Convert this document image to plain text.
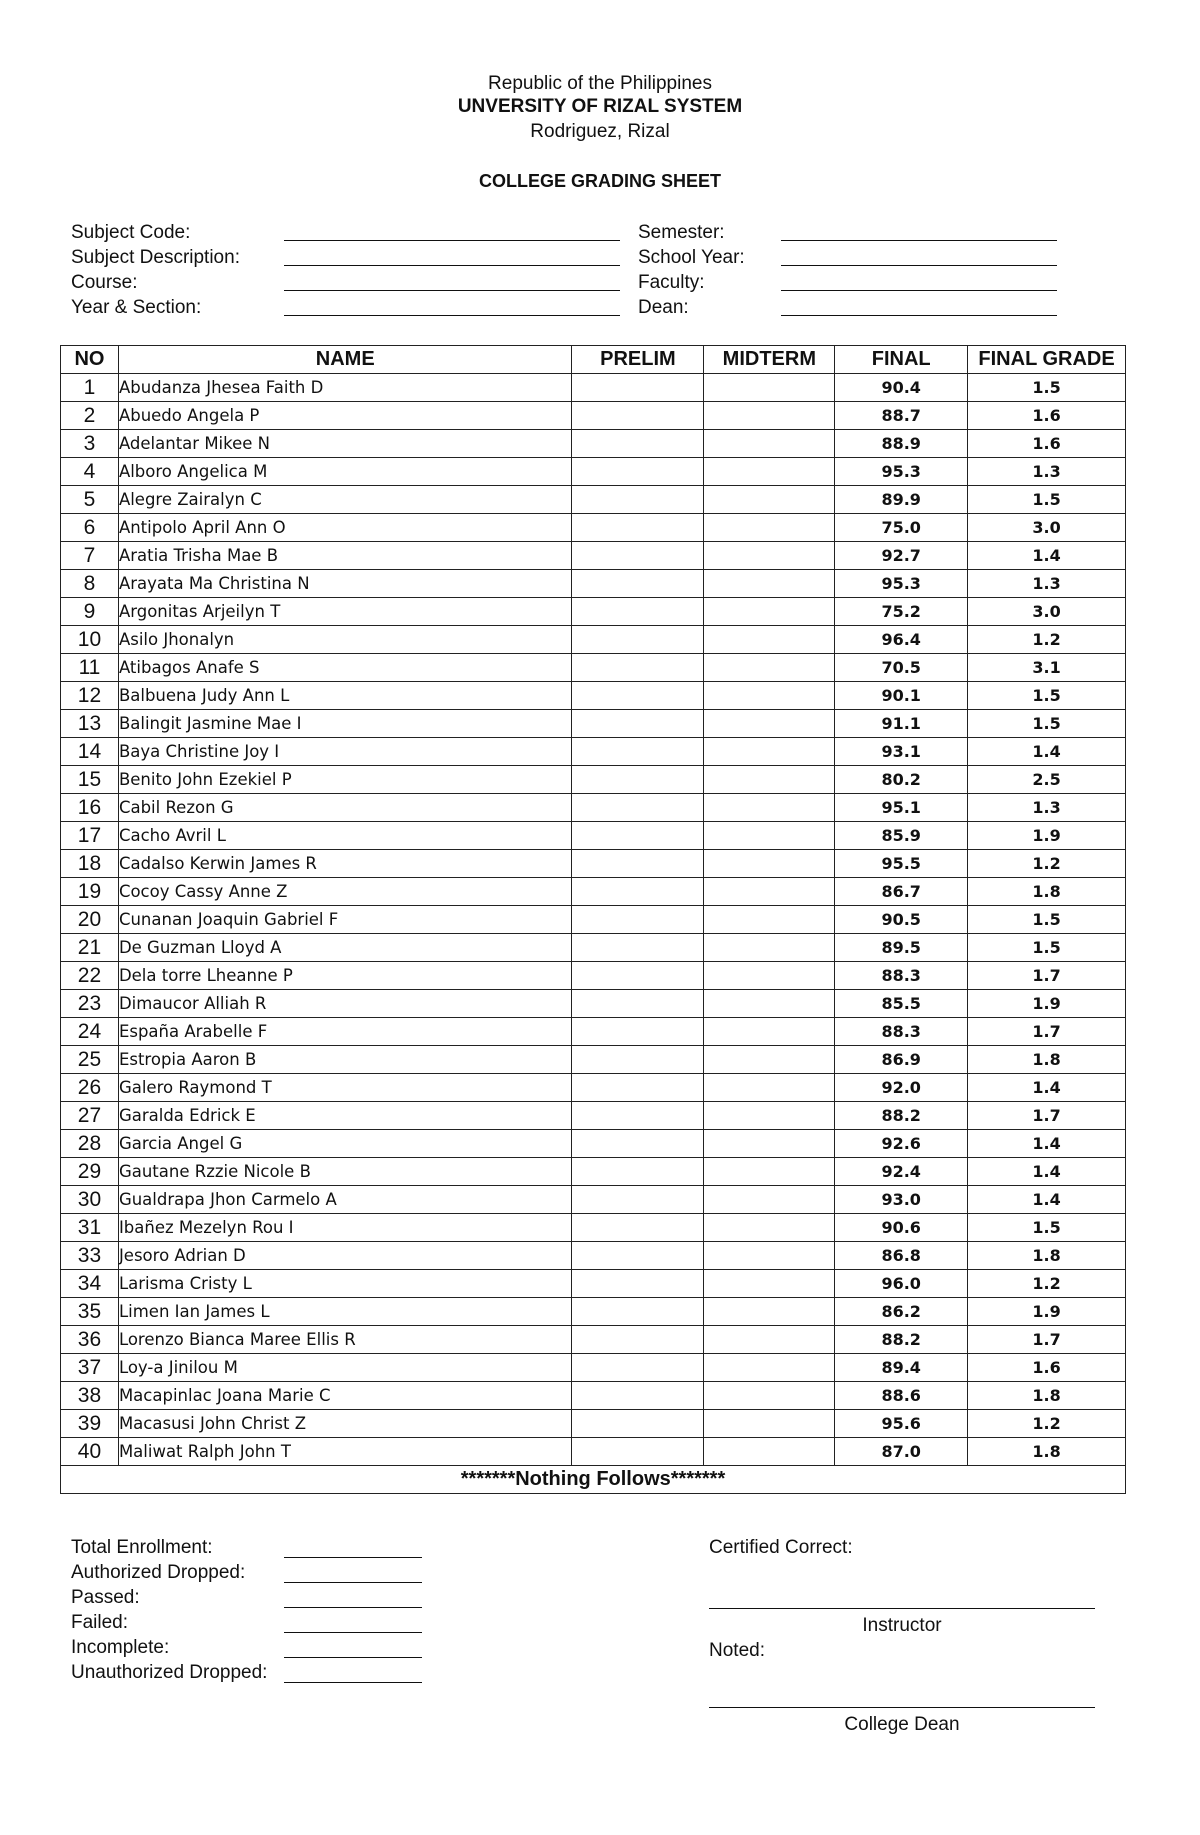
Republic of the Philippines
UNVERSITY OF RIZAL SYSTEM
Rodriguez, Rizal
COLLEGE GRADING SHEET
Subject Code:
Subject Description:
Course:
Year & Section:
Semester:
School Year:
Faculty:
Dean:
NO	NAME	PRELIM	MIDTERM	FINAL	FINAL GRADE
1	Abudanza Jhesea Faith D			90.4	1.5
2	Abuedo Angela P			88.7	1.6
3	Adelantar Mikee N			88.9	1.6
4	Alboro Angelica M			95.3	1.3
5	Alegre Zairalyn C			89.9	1.5
6	Antipolo April Ann O			75.0	3.0
7	Aratia Trisha Mae B			92.7	1.4
8	Arayata Ma Christina N			95.3	1.3
9	Argonitas Arjeilyn T			75.2	3.0
10	Asilo Jhonalyn			96.4	1.2
11	Atibagos Anafe S			70.5	3.1
12	Balbuena Judy Ann L			90.1	1.5
13	Balingit Jasmine Mae I			91.1	1.5
14	Baya Christine Joy I			93.1	1.4
15	Benito John Ezekiel P			80.2	2.5
16	Cabil Rezon G			95.1	1.3
17	Cacho Avril L			85.9	1.9
18	Cadalso Kerwin James R			95.5	1.2
19	Cocoy Cassy Anne Z			86.7	1.8
20	Cunanan Joaquin Gabriel F			90.5	1.5
21	De Guzman Lloyd A			89.5	1.5
22	Dela torre Lheanne P			88.3	1.7
23	Dimaucor Alliah R			85.5	1.9
24	España Arabelle F			88.3	1.7
25	Estropia Aaron B			86.9	1.8
26	Galero Raymond T			92.0	1.4
27	Garalda Edrick E			88.2	1.7
28	Garcia Angel G			92.6	1.4
29	Gautane Rzzie Nicole B			92.4	1.4
30	Gualdrapa Jhon Carmelo A			93.0	1.4
31	Ibañez Mezelyn Rou I			90.6	1.5
33	Jesoro Adrian D			86.8	1.8
34	Larisma Cristy L			96.0	1.2
35	Limen Ian James L			86.2	1.9
36	Lorenzo Bianca Maree Ellis R			88.2	1.7
37	Loy-a Jinilou M			89.4	1.6
38	Macapinlac Joana Marie C			88.6	1.8
39	Macasusi John Christ Z			95.6	1.2
40	Maliwat Ralph John T			87.0	1.8
*******Nothing Follows*******					
Total Enrollment:
Authorized Dropped:
Passed:
Failed:
Incomplete:
Unauthorized Dropped:
Certified Correct:
Instructor
Noted:
College Dean
